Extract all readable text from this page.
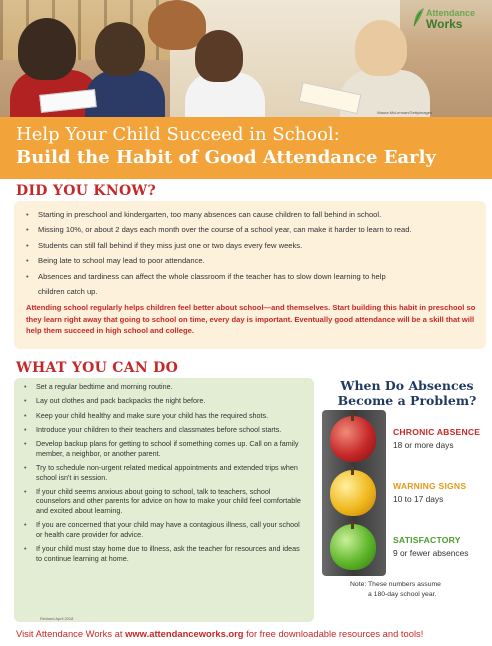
Maura McLennan/Gettyimages
Attendance
Works
Help Your Child Succeed in School:
Build the Habit of Good Attendance Early
DID YOU KNOW?
• Starting in preschool and kindergarten, too many absences can cause children to fall behind in school.
• Missing 10%, or about 2 days each month over the course of a school year, can make it harder to learn to read.
• Students can still fall behind if they miss just one or two days every few weeks.
• Being late to school may lead to poor attendance.
• Absences and tardiness can affect the whole classroom if the teacher has to slow down learning to help
children catch up.
Attending school regularly helps children feel better about school—and themselves. Start building this habit in preschool so they learn right away that going to school on time, every day is important. Eventually good attendance will be a skill that will help them succeed in high school and college.
WHAT YOU CAN DO
• Set a regular bedtime and morning routine.
• Lay out clothes and pack backpacks the night before.
• Keep your child healthy and make sure your child has the required shots.
• Introduce your children to their teachers and classmates before school starts.
• Develop backup plans for getting to school if something comes up. Call on a family member, a neighbor, or another parent.
• Try to schedule non-urgent related medical appointments and extended trips when school isn't in session.
• If your child seems anxious about going to school, talk to teachers, school counselors and other parents for advice on how to make your child feel comfortable and excited about learning.
• If you are concerned that your child may have a contagious illness, call your school or health care provider for advice.
• If your child must stay home due to illness, ask the teacher for resources and ideas to continue learning at home.
Revised April 2018
When Do Absences
Become a Problem?
CHRONIC ABSENCE
18 or more days
WARNING SIGNS
10 to 17 days
SATISFACTORY
9 or fewer absences
Note: These numbers assume
a 180-day school year.
Visit Attendance Works at www.attendanceworks.org for free downloadable resources and tools!
